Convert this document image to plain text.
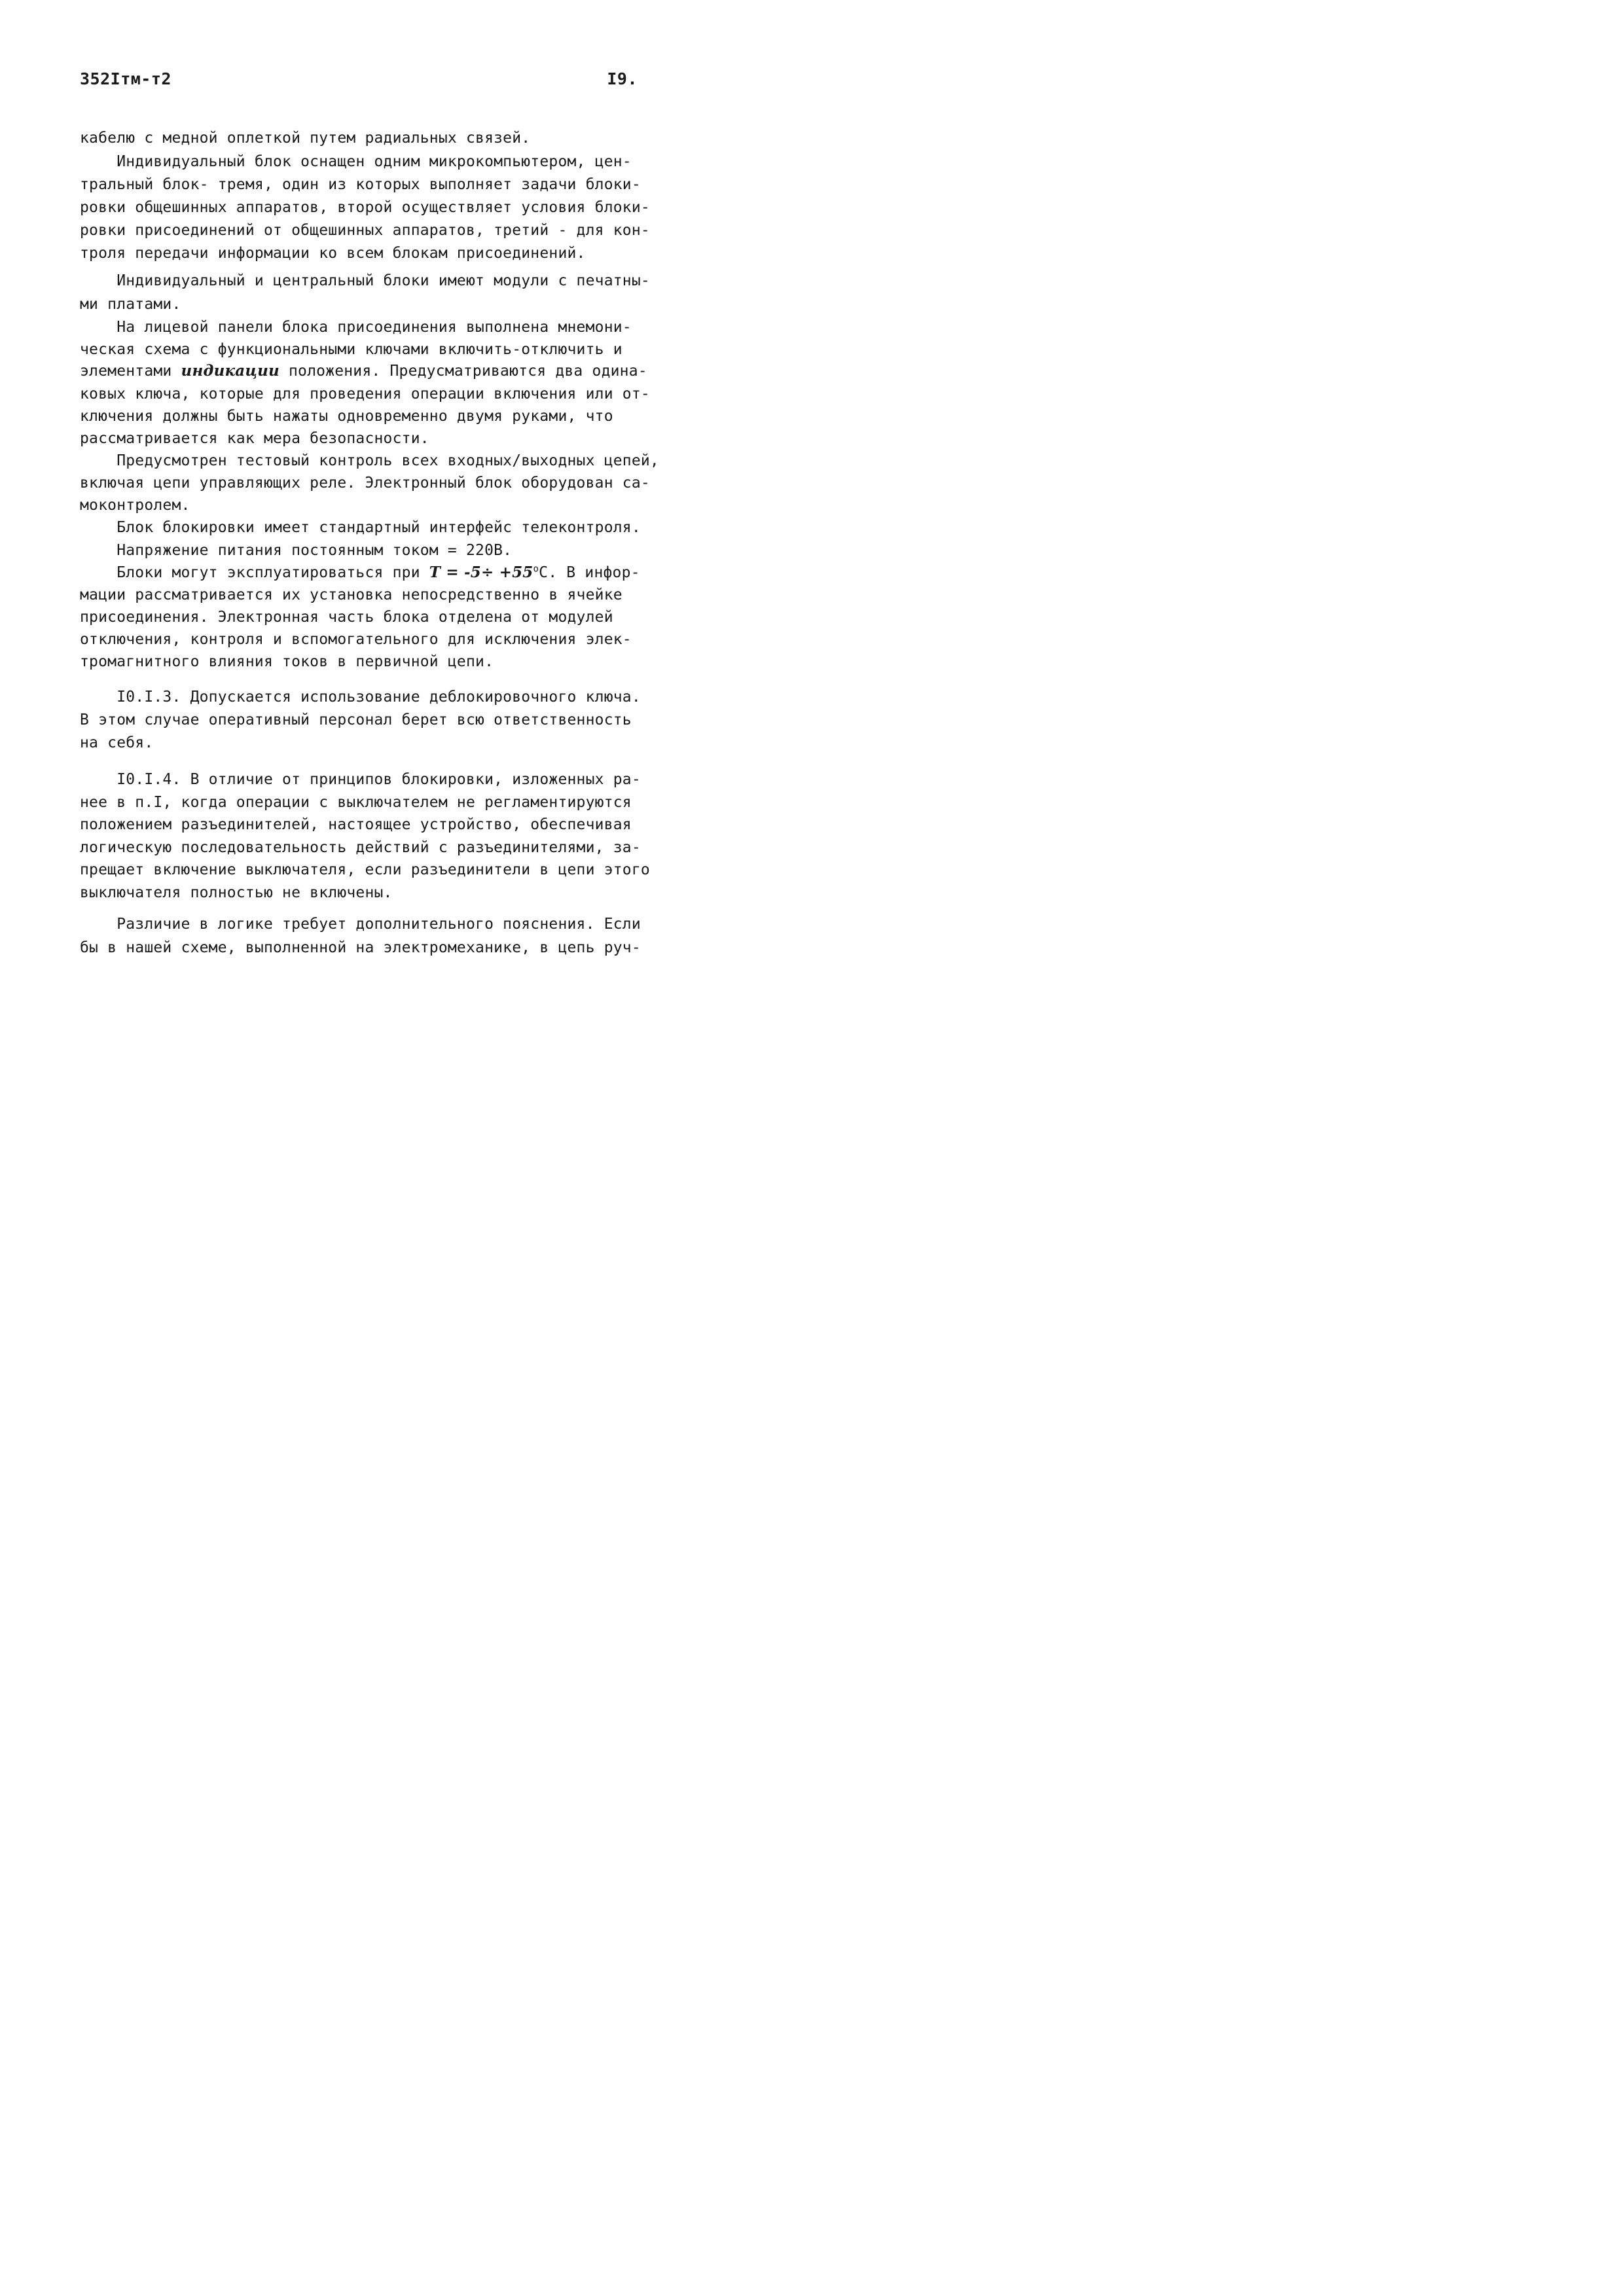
352Iтм-т2	I9.
кабелю с медной оплеткой путем радиальных связей.
Индивидуальный блок оснащен одним микрокомпьютером, цен-
тральный блок- тремя, один из которых выполняет задачи блоки-
ровки общешинных аппаратов, второй осуществляет условия блоки-
ровки присоединений от общешинных аппаратов, третий - для кон-
троля передачи информации ко всем блокам присоединений.
Индивидуальный и центральный блоки имеют модули с печатны-
ми платами.
На лицевой панели блока присоединения выполнена мнемони-
ческая схема с функциональными ключами включить-отключить и
элементами индикации положения. Предусматриваются два одина-
ковых ключа, которые для проведения операции включения или от-
ключения должны быть нажаты одновременно двумя руками, что
рассматривается как мера безопасности.
Предусмотрен тестовый контроль всех входных/выходных цепей,
включая цепи управляющих реле. Электронный блок оборудован са-
моконтролем.
Блок блокировки имеет стандартный интерфейс телеконтроля.
Напряжение питания постоянным током = 220В.
Блоки могут эксплуатироваться при $Т = -5\div +55^оС$. В инфор-
мации рассматривается их установка непосредственно в ячейке
присоединения. Электронная часть блока отделена от модулей
отключения, контроля и вспомогательного для исключения элек-
тромагнитного влияния токов в первичной цепи.
I0.I.3. Допускается использование деблокировочного ключа.
В этом случае оперативный персонал берет всю ответственность
на себя.
I0.I.4. В отличие от принципов блокировки, изложенных ра-
нее в п.I, когда операции с выключателем не регламентируются
положением разъединителей, настоящее устройство, обеспечивая
логическую последовательность действий с разъединителями, за-
прещает включение выключателя, если разъединители в цепи этого
выключателя полностью не включены.
Различие в логике требует дополнительного пояснения. Если
бы в нашей схеме, выполненной на электромеханике, в цепь руч-
